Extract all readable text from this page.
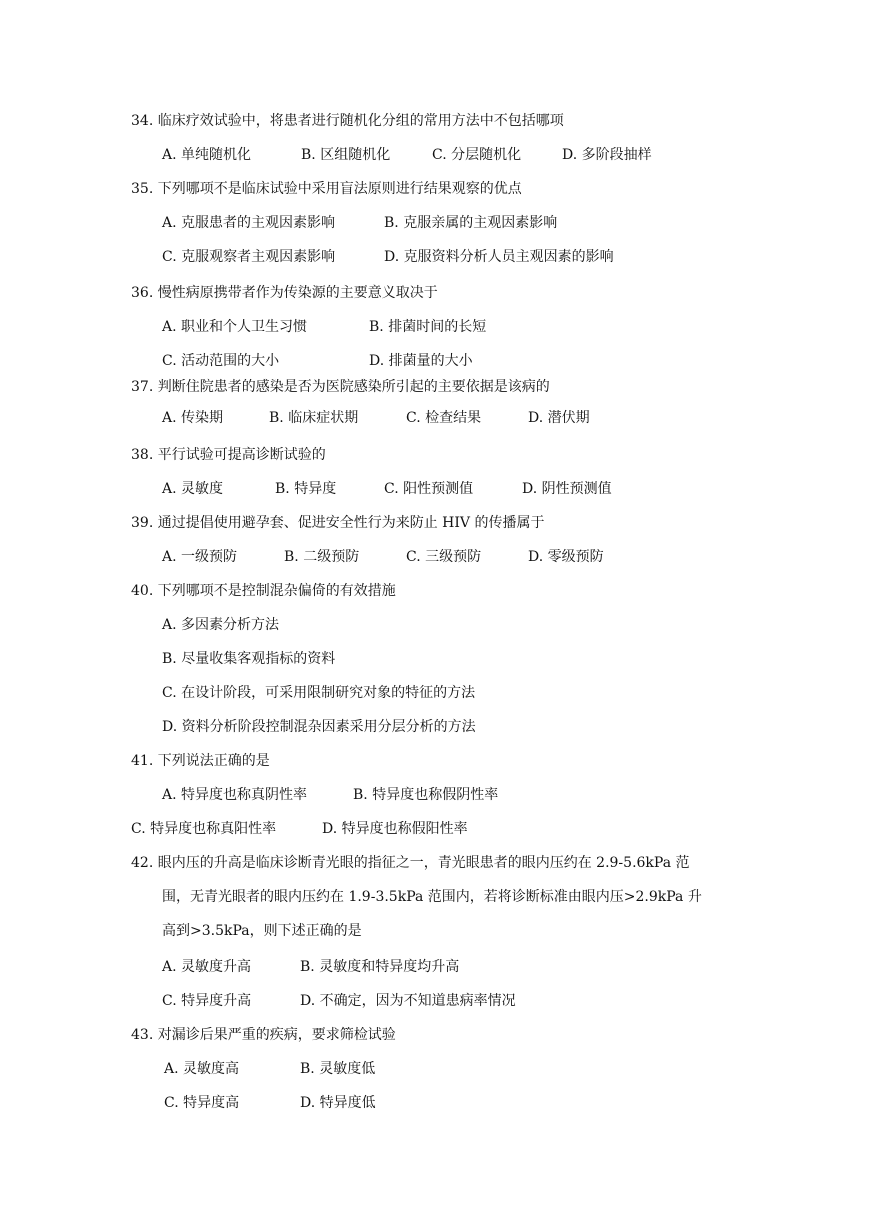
34. 临床疗效试验中，将患者进行随机化分组的常用方法中不包括哪项
A. 单纯随机化	B. 区组随机化	C. 分层随机化	D. 多阶段抽样
35. 下列哪项不是临床试验中采用盲法原则进行结果观察的优点
A. 克服患者的主观因素影响	B. 克服亲属的主观因素影响
C. 克服观察者主观因素影响	D. 克服资料分析人员主观因素的影响
36. 慢性病原携带者作为传染源的主要意义取决于
A. 职业和个人卫生习惯	B. 排菌时间的长短
C. 活动范围的大小	D. 排菌量的大小
37. 判断住院患者的感染是否为医院感染所引起的主要依据是该病的
A. 传染期	B. 临床症状期	C. 检查结果	D. 潜伏期
38. 平行试验可提高诊断试验的
A. 灵敏度	B. 特异度	C. 阳性预测值	D. 阴性预测值
39. 通过提倡使用避孕套、促进安全性行为来防止 HIV 的传播属于
A. 一级预防	B. 二级预防	C. 三级预防	D. 零级预防
40. 下列哪项不是控制混杂偏倚的有效措施
A. 多因素分析方法
B. 尽量收集客观指标的资料
C. 在设计阶段，可采用限制研究对象的特征的方法
D. 资料分析阶段控制混杂因素采用分层分析的方法
41. 下列说法正确的是
A. 特异度也称真阴性率	B. 特异度也称假阴性率
C. 特异度也称真阳性率	D. 特异度也称假阳性率
42. 眼内压的升高是临床诊断青光眼的指征之一，青光眼患者的眼内压约在 2.9-5.6kPa 范
围，无青光眼者的眼内压约在 1.9-3.5kPa 范围内，若将诊断标准由眼内压>2.9kPa 升
高到>3.5kPa，则下述正确的是
A. 灵敏度升高	B. 灵敏度和特异度均升高
C. 特异度升高	D. 不确定，因为不知道患病率情况
43. 对漏诊后果严重的疾病，要求筛检试验
A. 灵敏度高	B. 灵敏度低
C. 特异度高	D. 特异度低
